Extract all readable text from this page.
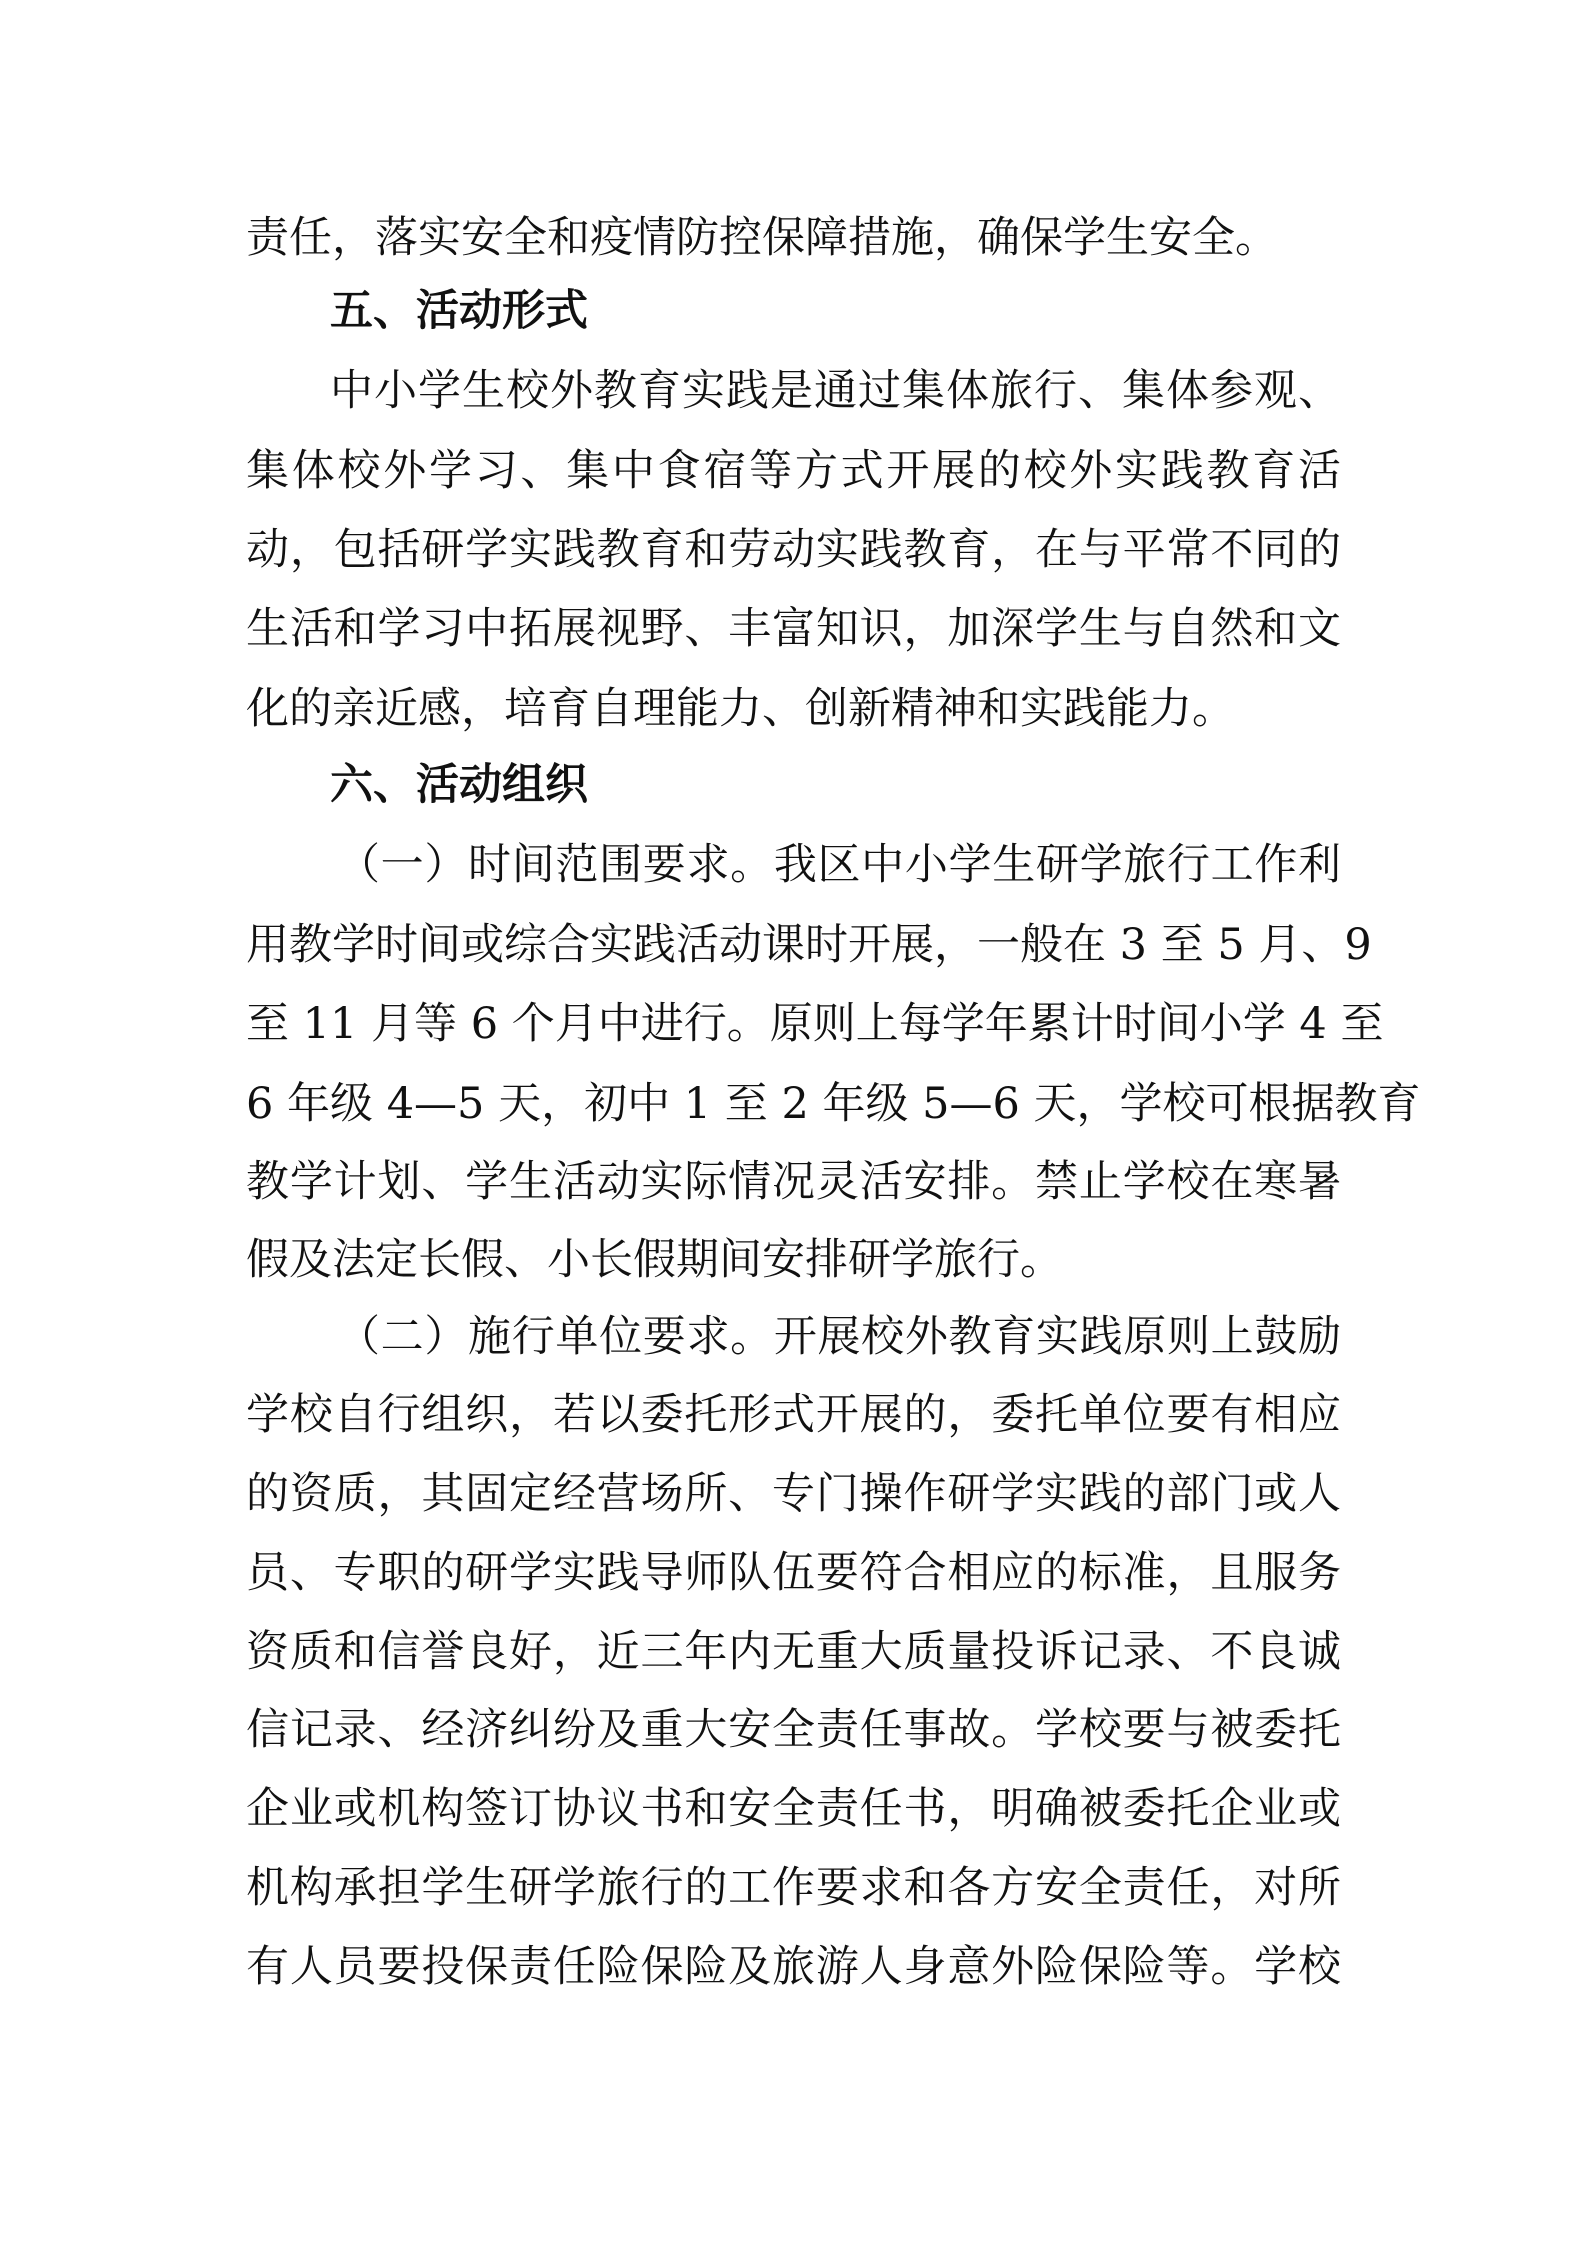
责任，落实安全和疫情防控保障措施，确保学生安全。
五、活动形式
中小学生校外教育实践是通过集体旅行、集体参观、
集体校外学习、集中食宿等方式开展的校外实践教育活
动，包括研学实践教育和劳动实践教育，在与平常不同的
生活和学习中拓展视野、丰富知识，加深学生与自然和文
化的亲近感，培育自理能力、创新精神和实践能力。
六、活动组织
（一）时间范围要求。我区中小学生研学旅行工作利
用教学时间或综合实践活动课时开展，一般在 3 至 5 月、9
至 11 月等 6 个月中进行。原则上每学年累计时间小学 4 至
6 年级 4—5 天，初中 1 至 2 年级 5—6 天，学校可根据教育
教学计划、学生活动实际情况灵活安排。禁止学校在寒暑
假及法定长假、小长假期间安排研学旅行。
（二）施行单位要求。开展校外教育实践原则上鼓励
学校自行组织，若以委托形式开展的，委托单位要有相应
的资质，其固定经营场所、专门操作研学实践的部门或人
员、专职的研学实践导师队伍要符合相应的标准，且服务
资质和信誉良好，近三年内无重大质量投诉记录、不良诚
信记录、经济纠纷及重大安全责任事故。学校要与被委托
企业或机构签订协议书和安全责任书，明确被委托企业或
机构承担学生研学旅行的工作要求和各方安全责任，对所
有人员要投保责任险保险及旅游人身意外险保险等。学校
